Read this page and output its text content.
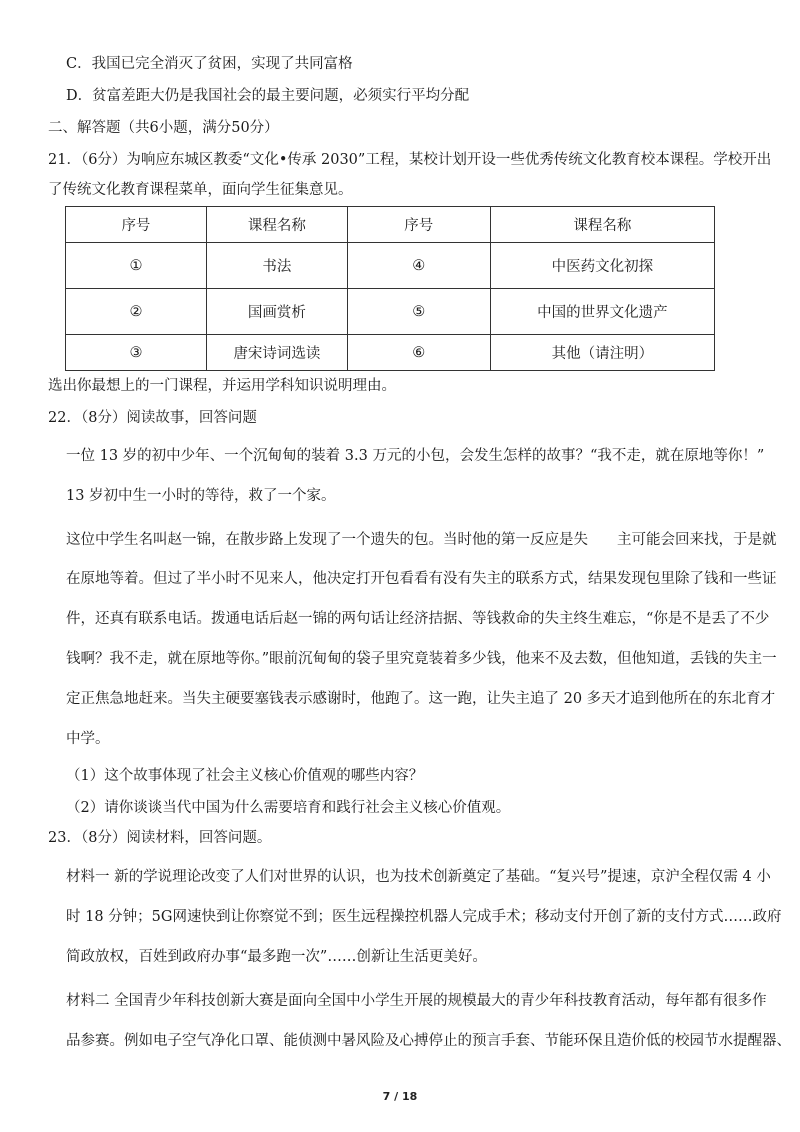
C．我国已完全消灭了贫困，实现了共同富格
D．贫富差距大仍是我国社会的最主要问题，必须实行平均分配
二、解答题（共6小题，满分50分）
21．（6分）为响应东城区教委“文化•传承 2030”工程，某校计划开设一些优秀传统文化教育校本课程。学校开出
了传统文化教育课程菜单，面向学生征集意见。
序号	课程名称	序号	课程名称
①	书法	④	中医药文化初探
②	国画赏析	⑤	中国的世界文化遗产
③	唐宋诗词选读	⑥	其他（请注明）
选出你最想上的一门课程，并运用学科知识说明理由。
22．（8分）阅读故事，回答问题
一位 13 岁的初中少年、一个沉甸甸的装着 3.3 万元的小包，会发生怎样的故事？“我不走，就在原地等你！”
13 岁初中生一小时的等待，救了一个家。
这位中学生名叫赵一锦，在散步路上发现了一个遗失的包。当时他的第一反应是失　　主可能会回来找，于是就
在原地等着。但过了半小时不见来人，他决定打开包看看有没有失主的联系方式，结果发现包里除了钱和一些证
件，还真有联系电话。拨通电话后赵一锦的两句话让经济拮据、等钱救命的失主终生难忘，“你是不是丢了不少
钱啊？我不走，就在原地等你。”眼前沉甸甸的袋子里究竟装着多少钱，他来不及去数，但他知道，丢钱的失主一
定正焦急地赶来。当失主硬要塞钱表示感谢时，他跑了。这一跑，让失主追了 20 多天才追到他所在的东北育才
中学。
（1）这个故事体现了社会主义核心价值观的哪些内容？
（2）请你谈谈当代中国为什么需要培育和践行社会主义核心价值观。
23．（8分）阅读材料，回答问题。
材料一 新的学说理论改变了人们对世界的认识，也为技术创新奠定了基础。“复兴号”提速，京沪全程仅需 4 小
时 18 分钟；5G网速快到让你察觉不到；医生远程操控机器人完成手术；移动支付开创了新的支付方式……政府
简政放权，百姓到政府办事“最多跑一次”……创新让生活更美好。
材料二 全国青少年科技创新大赛是面向全国中小学生开展的规模最大的青少年科技教育活动，每年都有很多作
品参赛。例如电子空气净化口罩、能侦测中暑风险及心搏停止的预言手套、节能环保且造价低的校园节水提醒器、
7 / 18
